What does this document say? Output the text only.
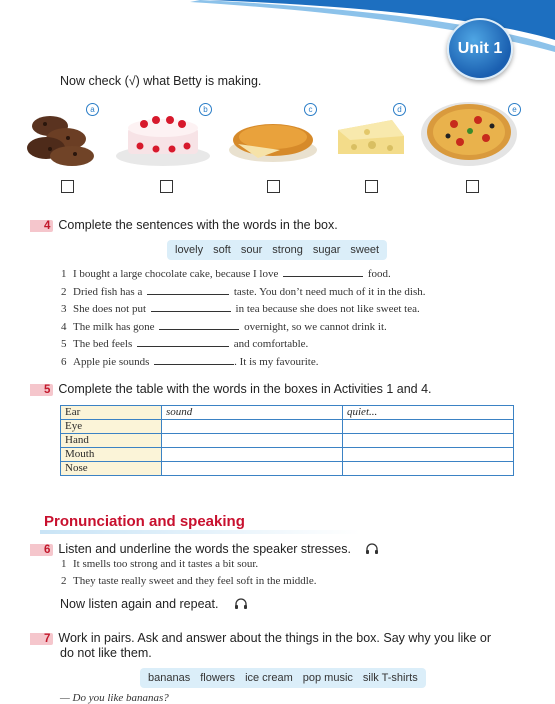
Unit 1
Now check (√) what Betty is making.
a	b	c	d	e
4 Complete the sentences with the words in the box.
lovely soft sour strong sugar sweet
1 I bought a large chocolate cake, because I love	food.
2 Dried fish has a	taste. You don’t need much of it in the dish.
3 She does not put	in tea because she does not like sweet tea.
4 The milk has gone	overnight, so we cannot drink it.
5 The bed feels	and comfortable.
6 Apple pie sounds	. It is my favourite.
5 Complete the table with the words in the boxes in Activities 1 and 4.
Ear	sound	quiet...
Eye		
Hand		
Mouth		
Nose		
Pronunciation and speaking
6 Listen and underline the words the speaker stresses.
1 It smells too strong and it tastes a bit sour.
2 They taste really sweet and they feel soft in the middle.
Now listen again and repeat.
7 Work in pairs. Ask and answer about the things in the box. Say why you like or
do not like them.
bananas flowers ice cream pop music silk T-shirts
— Do you like bananas?
